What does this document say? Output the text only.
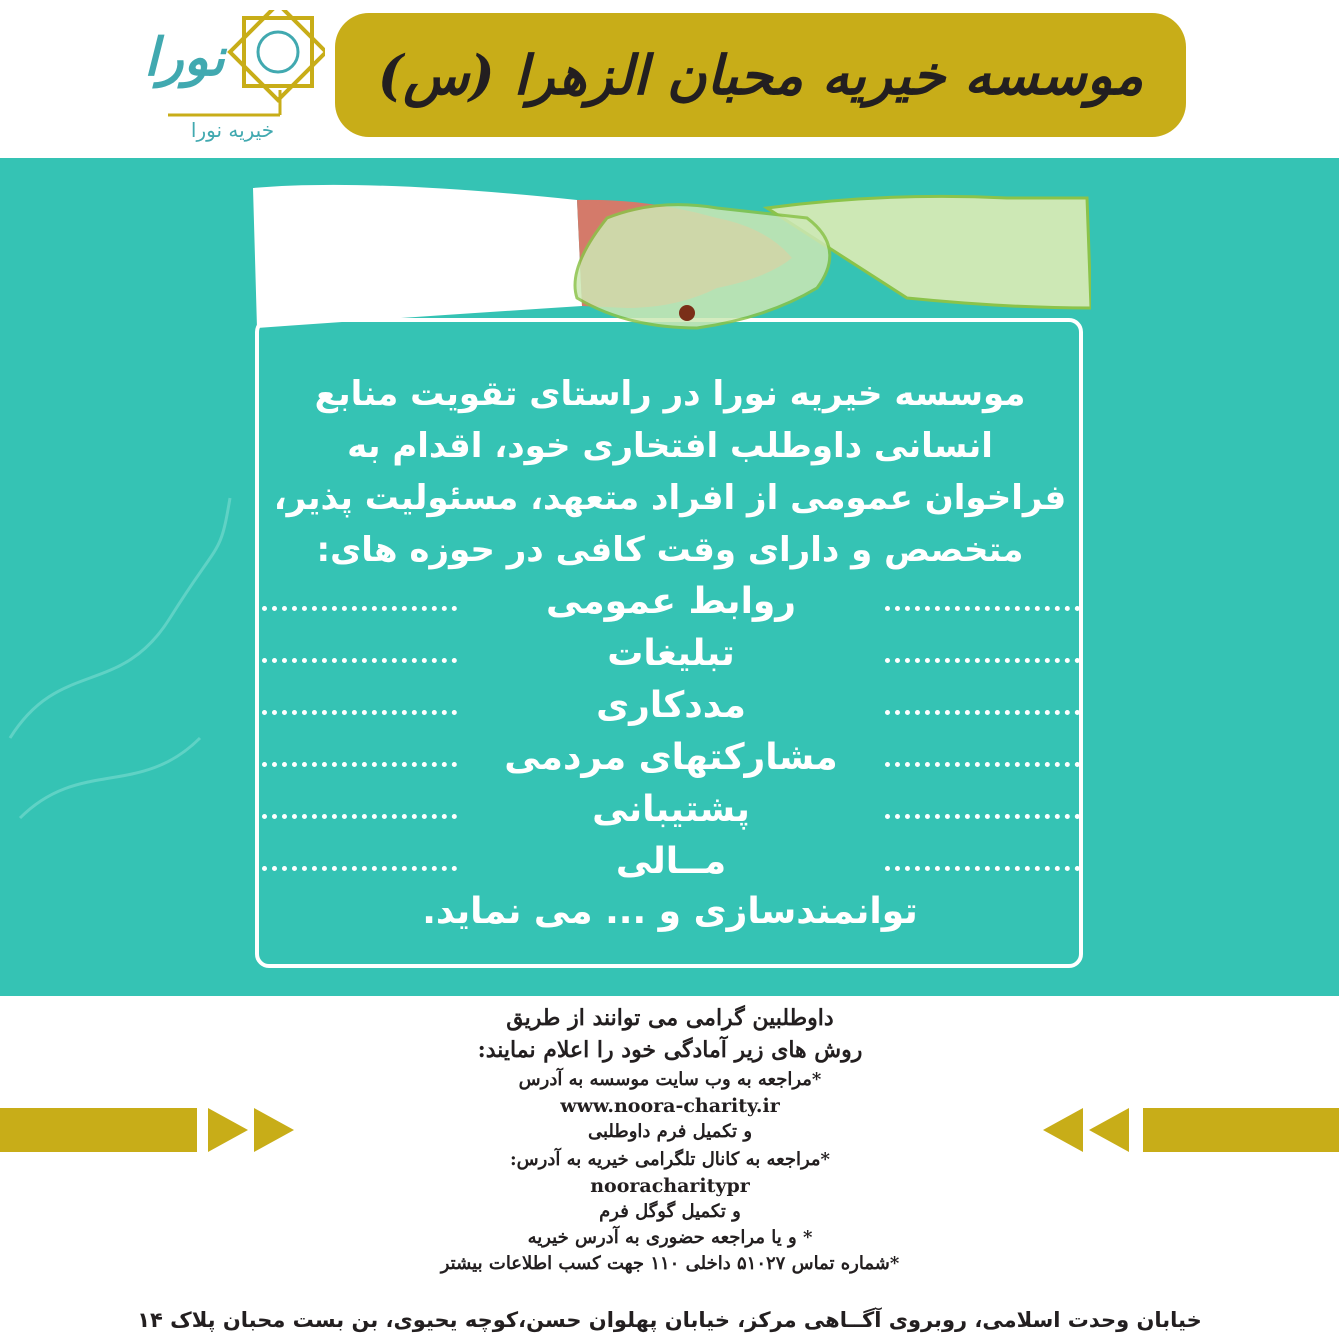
نورا
خیریه نورا
موسسه خیریه محبان الزهرا (س)
موسسه خیریه نورا در راستای تقویت منابع
انسانی داوطلب افتخاری خود، اقدام به
فراخوان عمومی از افراد متعهد، مسئولیت پذیر،
متخصص و دارای وقت کافی در حوزه های:
روابط عمومی
تبلیغات
مددکاری
مشارکتهای مردمی
پشتیبانی
مــالی
توانمندسازی و ... می نماید.
داوطلبین گرامی می توانند از طریق
روش های زیر آمادگی خود را اعلام نمایند:
*مراجعه به وب سایت موسسه به آدرس
www.noora-charity.ir
و تکمیل فرم داوطلبی
*مراجعه به کانال تلگرامی خیریه به آدرس:
nooracharitypr
و تکمیل گوگل فرم
* و یا مراجعه حضوری به آدرس خیریه
*شماره تماس ۵۱۰۲۷ داخلی ۱۱۰ جهت کسب اطلاعات بیشتر
خیابان وحدت اسلامی، روبروی آگــاهی مرکز، خیابان پهلوان حسن،کوچه یحیوی، بن بست محبان پلاک ۱۴
